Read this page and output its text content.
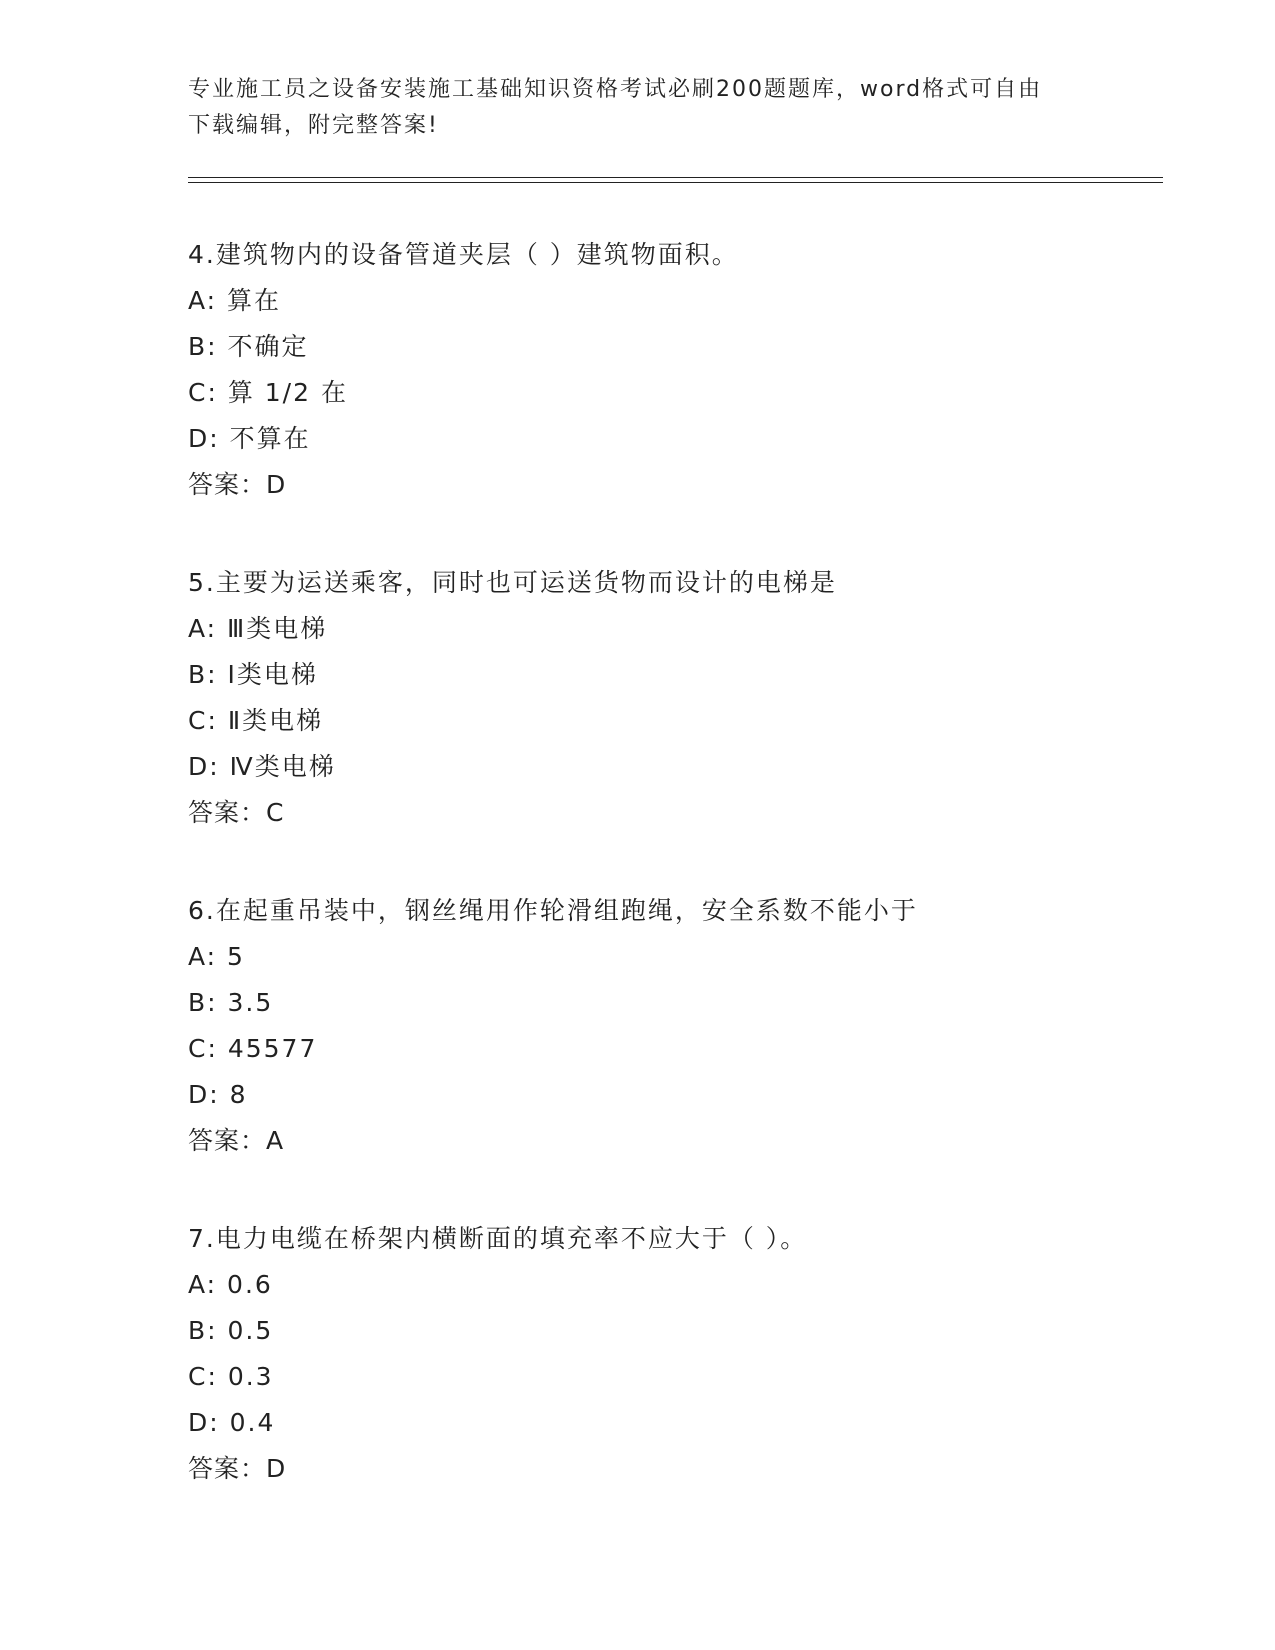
专业施工员之设备安装施工基础知识资格考试必刷200题题库，word格式可自由
下载编辑，附完整答案!
4.建筑物内的设备管道夹层（ ）建筑物面积。
A: 算在
B: 不确定
C: 算 1/2 在
D: 不算在
答案：D
5.主要为运送乘客，同时也可运送货物而设计的电梯是
A: Ⅲ类电梯
B: Ⅰ类电梯
C: Ⅱ类电梯
D: Ⅳ类电梯
答案：C
6.在起重吊装中，钢丝绳用作轮滑组跑绳，安全系数不能小于
A: 5
B: 3.5
C: 45577
D: 8
答案：A
7.电力电缆在桥架内横断面的填充率不应大于（ ）。
A: 0.6
B: 0.5
C: 0.3
D: 0.4
答案：D
